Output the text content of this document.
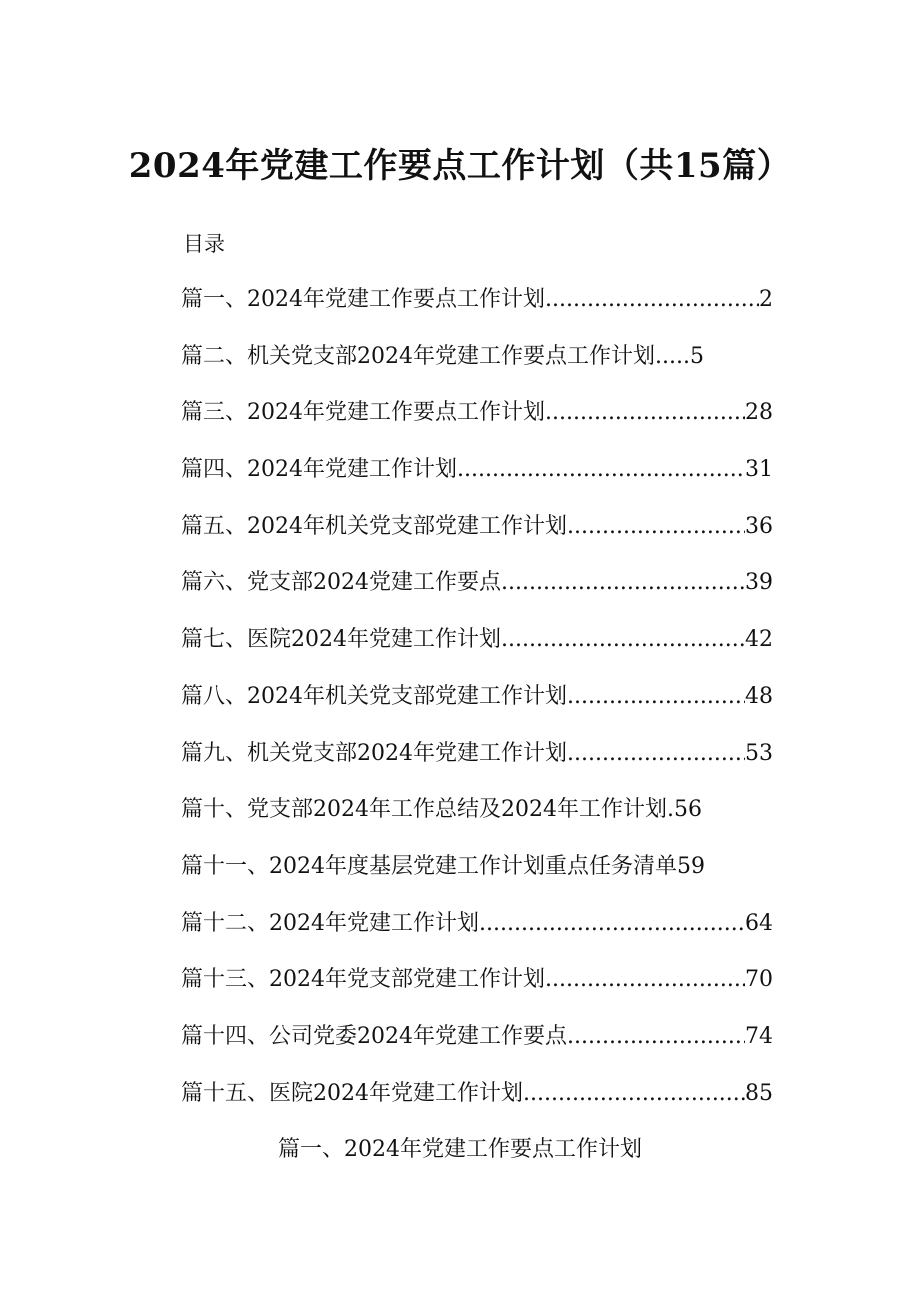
2024年党建工作要点工作计划（共15篇）
目录
篇一、2024年党建工作要点工作计划 .....	2
篇二、机关党支部2024年党建工作要点工作计划..... 5
篇三、2024年党建工作要点工作计划 .....	28
篇四、2024年党建工作计划 .....	31
篇五、2024年机关党支部党建工作计划 .....	36
篇六、党支部2024党建工作要点 .....	39
篇七、医院2024年党建工作计划 .....	42
篇八、2024年机关党支部党建工作计划 .....	48
篇九、机关党支部2024年党建工作计划 .....	53
篇十、党支部2024年工作总结及2024年工作计划. 56
篇十一、2024年度基层党建工作计划重点任务清单 59
篇十二、2024年党建工作计划 .....	64
篇十三、2024年党支部党建工作计划 .....	70
篇十四、公司党委2024年党建工作要点 .....	74
篇十五、医院2024年党建工作计划 .....	85
篇一、2024年党建工作要点工作计划
